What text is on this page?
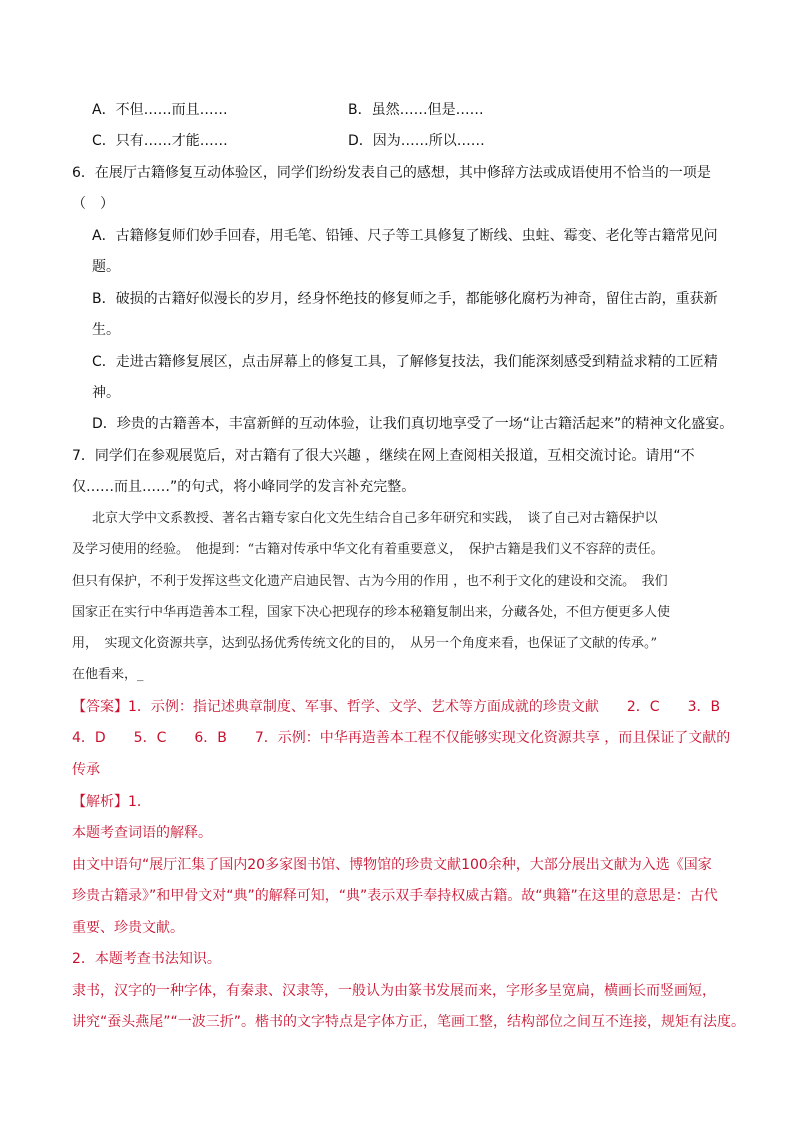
A．不但……而且……	B．虽然……但是……
C．只有……才能……	D．因为……所以……
6．在展厅古籍修复互动体验区，同学们纷纷发表自己的感想，其中修辞方法或成语使用不恰当的一项是
（　）
A．古籍修复师们妙手回春，用毛笔、铅锤、尺子等工具修复了断线、虫蛀、霉变、老化等古籍常见问
题。
B．破损的古籍好似漫长的岁月，经身怀绝技的修复师之手，都能够化腐朽为神奇，留住古韵，重获新
生。
C．走进古籍修复展区，点击屏幕上的修复工具，了解修复技法，我们能深刻感受到精益求精的工匠精
神。
D．珍贵的古籍善本，丰富新鲜的互动体验，让我们真切地享受了一场“让古籍活起来”的精神文化盛宴。
7．同学们在参观展览后，对古籍有了很大兴趣 ，继续在网上查阅相关报道，互相交流讨论。请用“不
仅……而且……”的句式，将小峰同学的发言补充完整。
北京大学中文系教授、著名古籍专家白化文先生结合自己多年研究和实践，　谈了自己对古籍保护以
及学习使用的经验。　他提到：“古籍对传承中华文化有着重要意义，　保护古籍是我们义不容辞的责任。
但只有保护，不利于发挥这些文化遗产启迪民智、古为今用的作用 ，也不利于文化的建设和交流。　我们
国家正在实行中华再造善本工程，国家下决心把现存的珍本秘籍复制出来，分藏各处，不但方便更多人使
用，　实现文化资源共享，达到弘扬优秀传统文化的目的，　从另一个角度来看，也保证了文献的传承。”
在他看来，_
【答案】1．示例：指记述典章制度、军事、哲学、文学、艺术等方面成就的珍贵文献　　2．C　　3．B
4．D　　5．C　　6．B　　7．示例：中华再造善本工程不仅能够实现文化资源共享 ，而且保证了文献的
传承
【解析】1．
本题考查词语的解释。
由文中语句“展厅汇集了国内20多家图书馆、博物馆的珍贵文献100余种，大部分展出文献为入选《国家
珍贵古籍录》”和甲骨文对“典”的解释可知，“典”表示双手奉持权威古籍。故“典籍”在这里的意思是：古代
重要、珍贵文献。
2．本题考查书法知识。
隶书，汉字的一种字体，有秦隶、汉隶等，一般认为由篆书发展而来，字形多呈宽扁，横画长而竖画短，
讲究“蚕头燕尾”“一波三折”。楷书的文字特点是字体方正，笔画工整，结构部位之间互不连接，规矩有法度。
